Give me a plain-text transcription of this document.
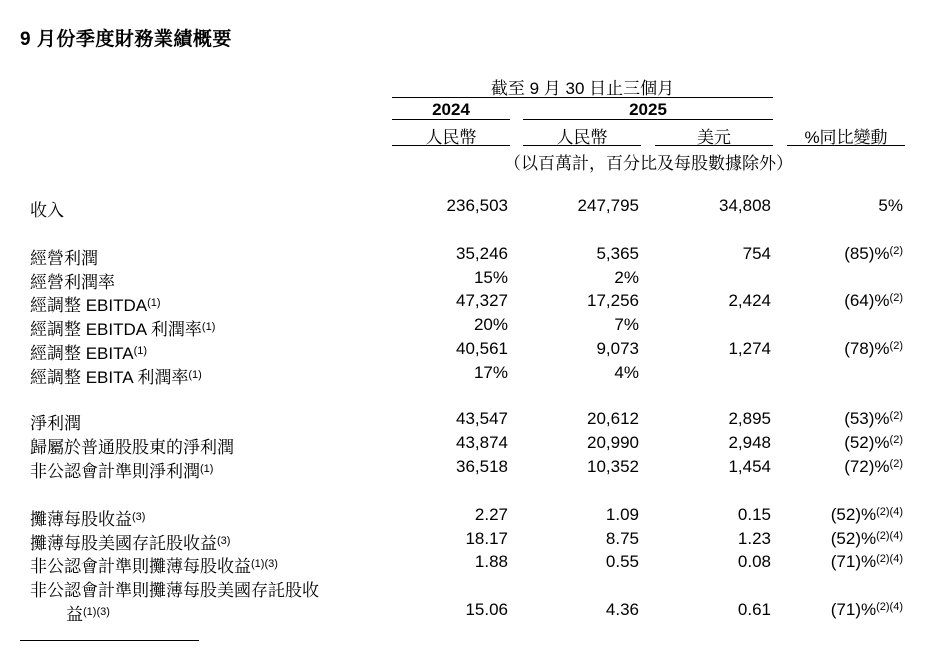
9 月份季度財務業績概要
截至 9 月 30 日止三個月
2024	2025
人民幣	人民幣	美元	%同比變動
（以百萬計，百分比及每股數據除外）
收入	236,503	247,795	34,808	5%
經營利潤	35,246	5,365	754	(85)%$^{(2)}$
經營利潤率	15%	2%
經調整 EBITDA$^{(1)}$	47,327	17,256	2,424	(64)%$^{(2)}$
經調整 EBITDA 利潤率$^{(1)}$	20%	7%
經調整 EBITA$^{(1)}$	40,561	9,073	1,274	(78)%$^{(2)}$
經調整 EBITA 利潤率$^{(1)}$	17%	4%
淨利潤	43,547	20,612	2,895	(53)%$^{(2)}$
歸屬於普通股股東的淨利潤	43,874	20,990	2,948	(52)%$^{(2)}$
非公認會計準則淨利潤$^{(1)}$	36,518	10,352	1,454	(72)%$^{(2)}$
攤薄每股收益$^{(3)}$	2.27	1.09	0.15	(52)%$^{(2)(4)}$
攤薄每股美國存託股收益$^{(3)}$	18.17	8.75	1.23	(52)%$^{(2)(4)}$
非公認會計準則攤薄每股收益$^{(1)(3)}$	1.88	0.55	0.08	(71)%$^{(2)(4)}$
非公認會計準則攤薄每股美國存託股收
益$^{(1)(3)}$	15.06	4.36	0.61	(71)%$^{(2)(4)}$
